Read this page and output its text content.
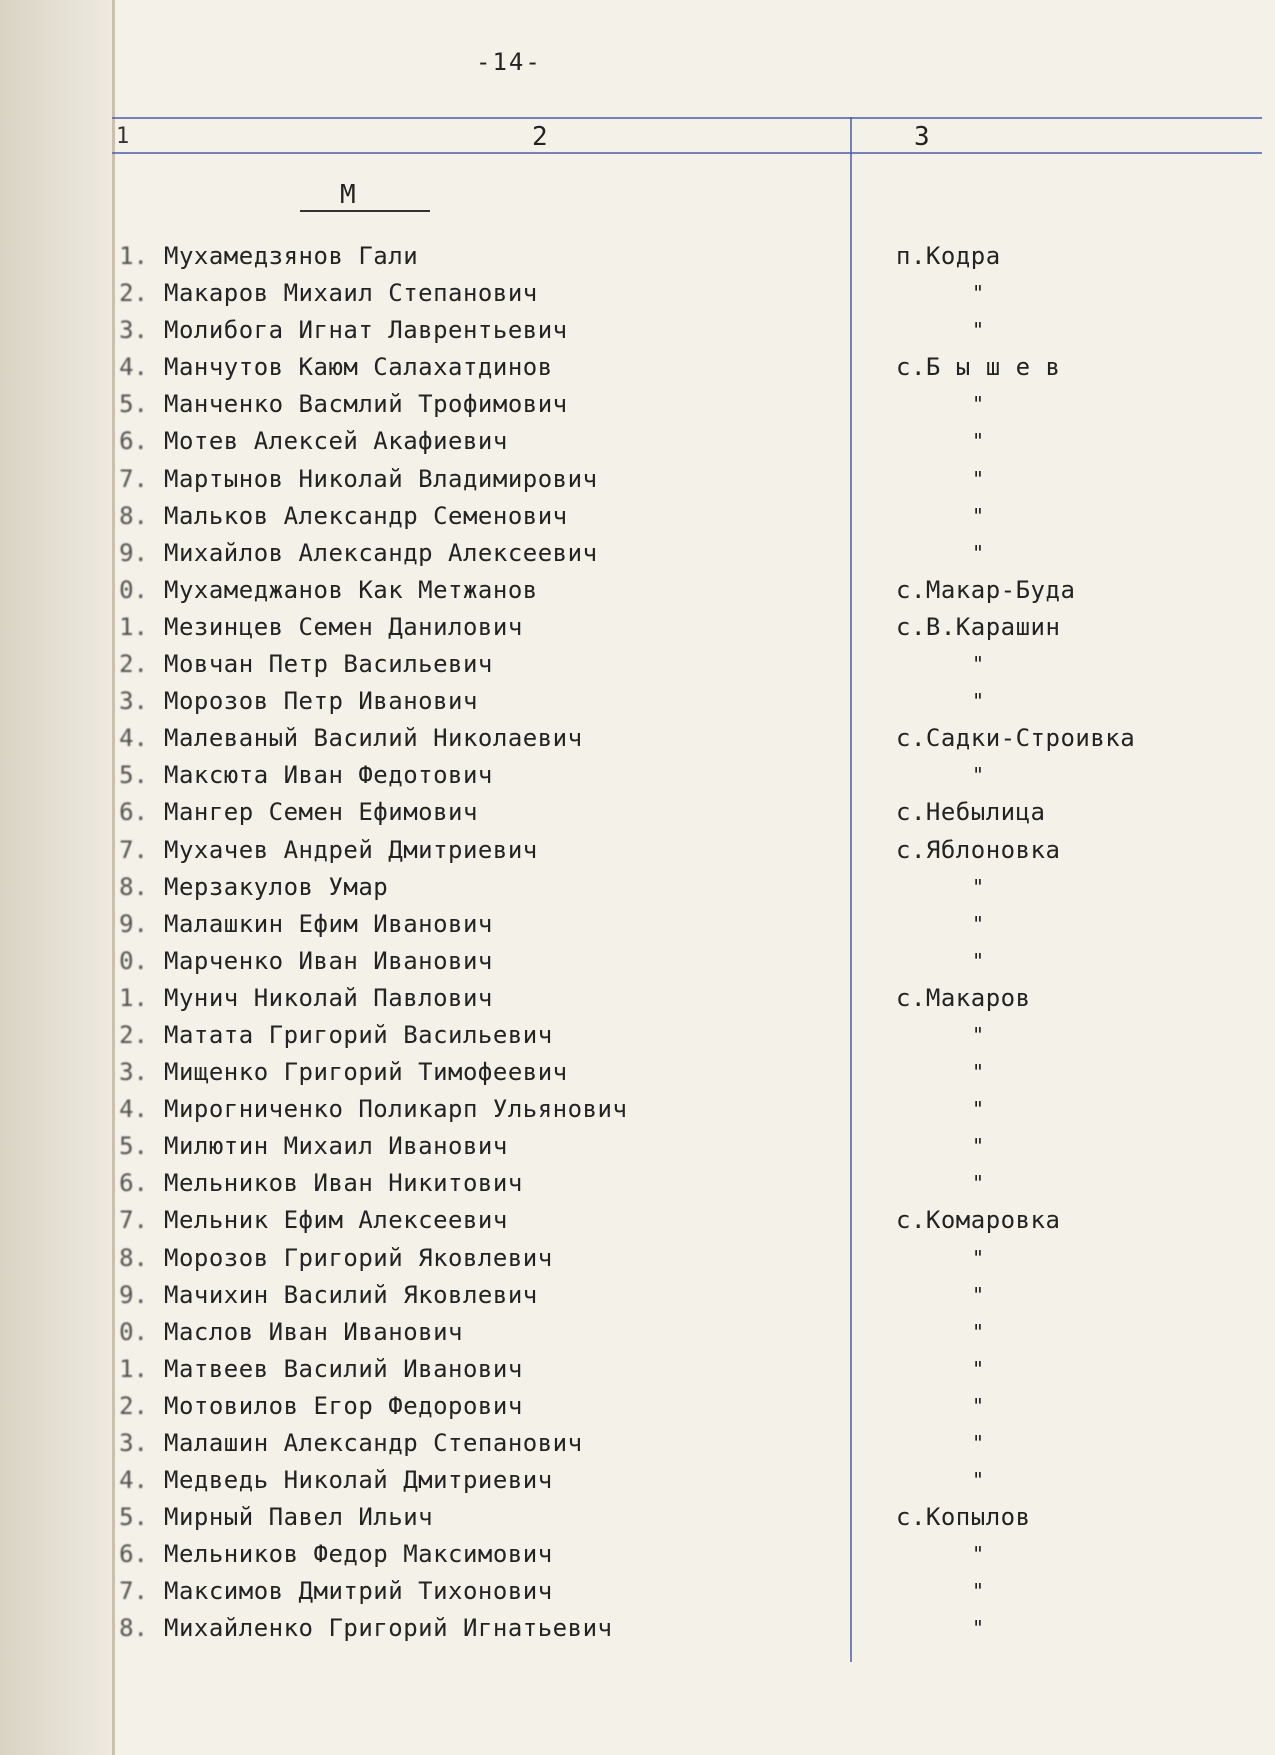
-14-
1	2	3
М
1. Мухамедзянов Гали	п.Кодра
2. Макаров Михаил Степанович	"
3. Молибога Игнат Лаврентьевич	"
4. Манчутов Каюм Салахатдинов	с.Б ы ш е в
5. Манченко Васмлий Трофимович	"
6. Мотев Алексей Акафиевич	"
7. Мартынов Николай Владимирович	"
8. Мальков Александр Семенович	"
9. Михайлов Александр Алексеевич	"
0. Мухамеджанов Как Метжанов	с.Макар-Буда
1. Мезинцев Семен Данилович	с.В.Карашин
2. Мовчан Петр Васильевич	"
3. Морозов Петр Иванович	"
4. Малеваный Василий Николаевич	с.Садки-Строивка
5. Максюта Иван Федотович	"
6. Мангер Семен Ефимович	с.Небылица
7. Мухачев Андрей Дмитриевич	с.Яблоновка
8. Мерзакулов Умар	"
9. Малашкин Ефим Иванович	"
0. Марченко Иван Иванович	"
1. Мунич Николай Павлович	с.Макаров
2. Матата Григорий Васильевич	"
3. Мищенко Григорий Тимофеевич	"
4. Мирогниченко Поликарп Ульянович	"
5. Милютин Михаил Иванович	"
6. Мельников Иван Никитович	"
7. Мельник Ефим Алексеевич	с.Комаровка
8. Морозов Григорий Яковлевич	"
9. Мачихин Василий Яковлевич	"
0. Маслов Иван Иванович	"
1. Матвеев Василий Иванович	"
2. Мотовилов Егор Федорович	"
3. Малашин Александр Степанович	"
4. Медведь Николай Дмитриевич	"
5. Мирный Павел Ильич	с.Копылов
6. Мельников Федор Максимович	"
7. Максимов Дмитрий Тихонович	"
8. Михайленко Григорий Игнатьевич	"
